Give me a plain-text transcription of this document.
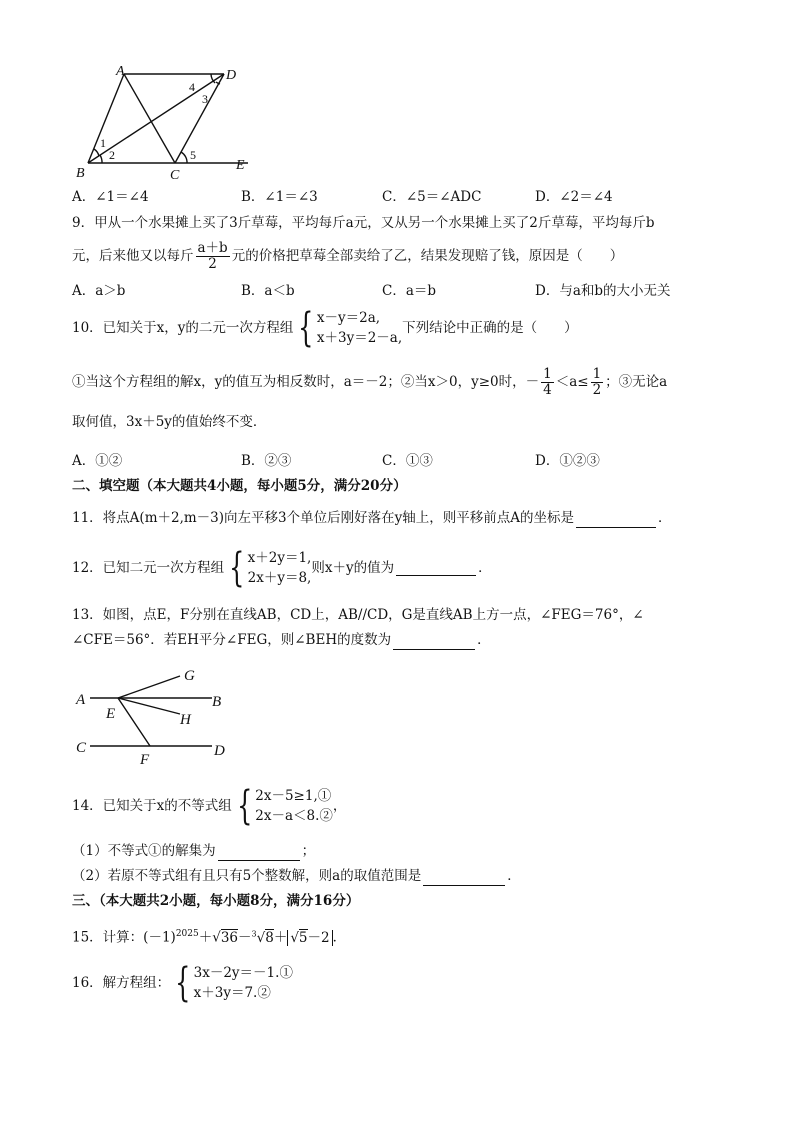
A	D
B	C
E
1
2
3
4
5
A．∠1＝∠4	B．∠1＝∠3	C．∠5＝∠ADC	D．∠2＝∠4
9．甲从一个水果摊上买了3斤草莓，平均每斤a元，又从另一个水果摊上买了2斤草莓，平均每斤b
元，后来他又以每斤 $\frac{a+b}{2}$ 元的价格把草莓全部卖给了乙，结果发现赔了钱，原因是（　　）
A．a＞b	B．a＜b	C．a＝b	D．与a和b的大小无关
10．已知关于x，y的二元一次方程组 { x－y＝2a,
x＋3y＝2－a,
下列结论中正确的是（　　）
①当这个方程组的解x，y的值互为相反数时，a＝－2；②当x＞0，y≥0时，－ $\frac{1}{4} <a\le \frac{1}{2}$ ；③无论a
取何值，3x＋5y的值始终不变．
A．①②	B．②③	C．①③	D．①②③
二、填空题（本大题共4小题，每小题5分，满分20分）
11．将点A(m＋2,m－3)向左平移3个单位后刚好落在y轴上，则平移前点A的坐标是	．
12．已知二元一次方程组 { x＋2y＝1,
2x＋y＝8,
则x＋y的值为	．
13．如图，点E，F分别在直线AB，CD上，AB//CD，G是直线AB上方一点，∠FEG＝76°，∠
∠CFE＝56°．若EH平分∠FEG，则∠BEH的度数为	．
A	B
C	D
E
F
G
H
14．已知关于x的不等式组 { 2x－5≥1,①
2x－a＜8.②
，
（1）不等式①的解集为	；
（2）若原不等式组有且只有5个整数解，则a的取值范围是	．
三、（本大题共2小题，每小题8分，满分16分）
15．计算：$(-1)^{2025}+√36-^3√8+ √5-2$ ．
16．解方程组： { 3x－2y＝－1.①
x＋3y＝7.②
